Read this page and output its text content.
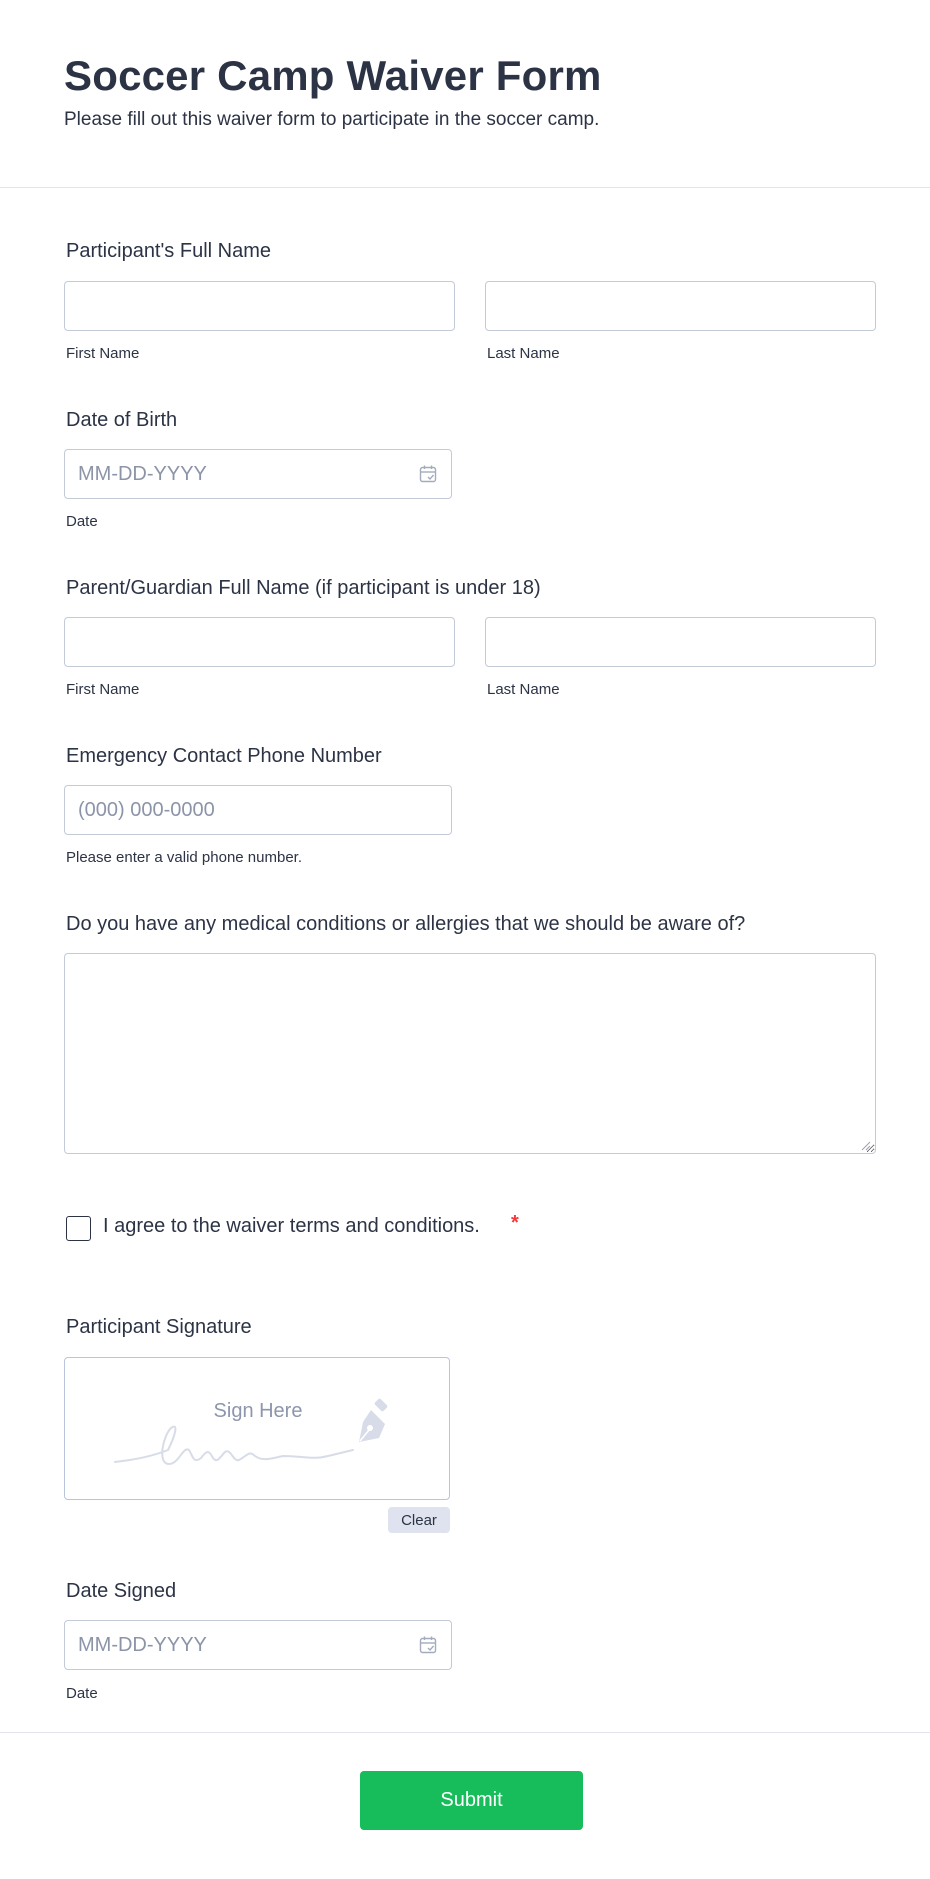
Soccer Camp Waiver Form

Please fill out this waiver form to participate in the soccer camp.

Participant's Full Name
First Name	Last Name
Date of Birth
MM-DD-YYYY
Date
Parent/Guardian Full Name (if participant is under 18)
First Name	Last Name
Emergency Contact Phone Number
(000) 000-0000
Please enter a valid phone number.
Do you have any medical conditions or allergies that we should be aware of?
I agree to the waiver terms and conditions. *
Participant Signature
Sign Here
Clear
Date Signed
MM-DD-YYYY
Date
Submit
